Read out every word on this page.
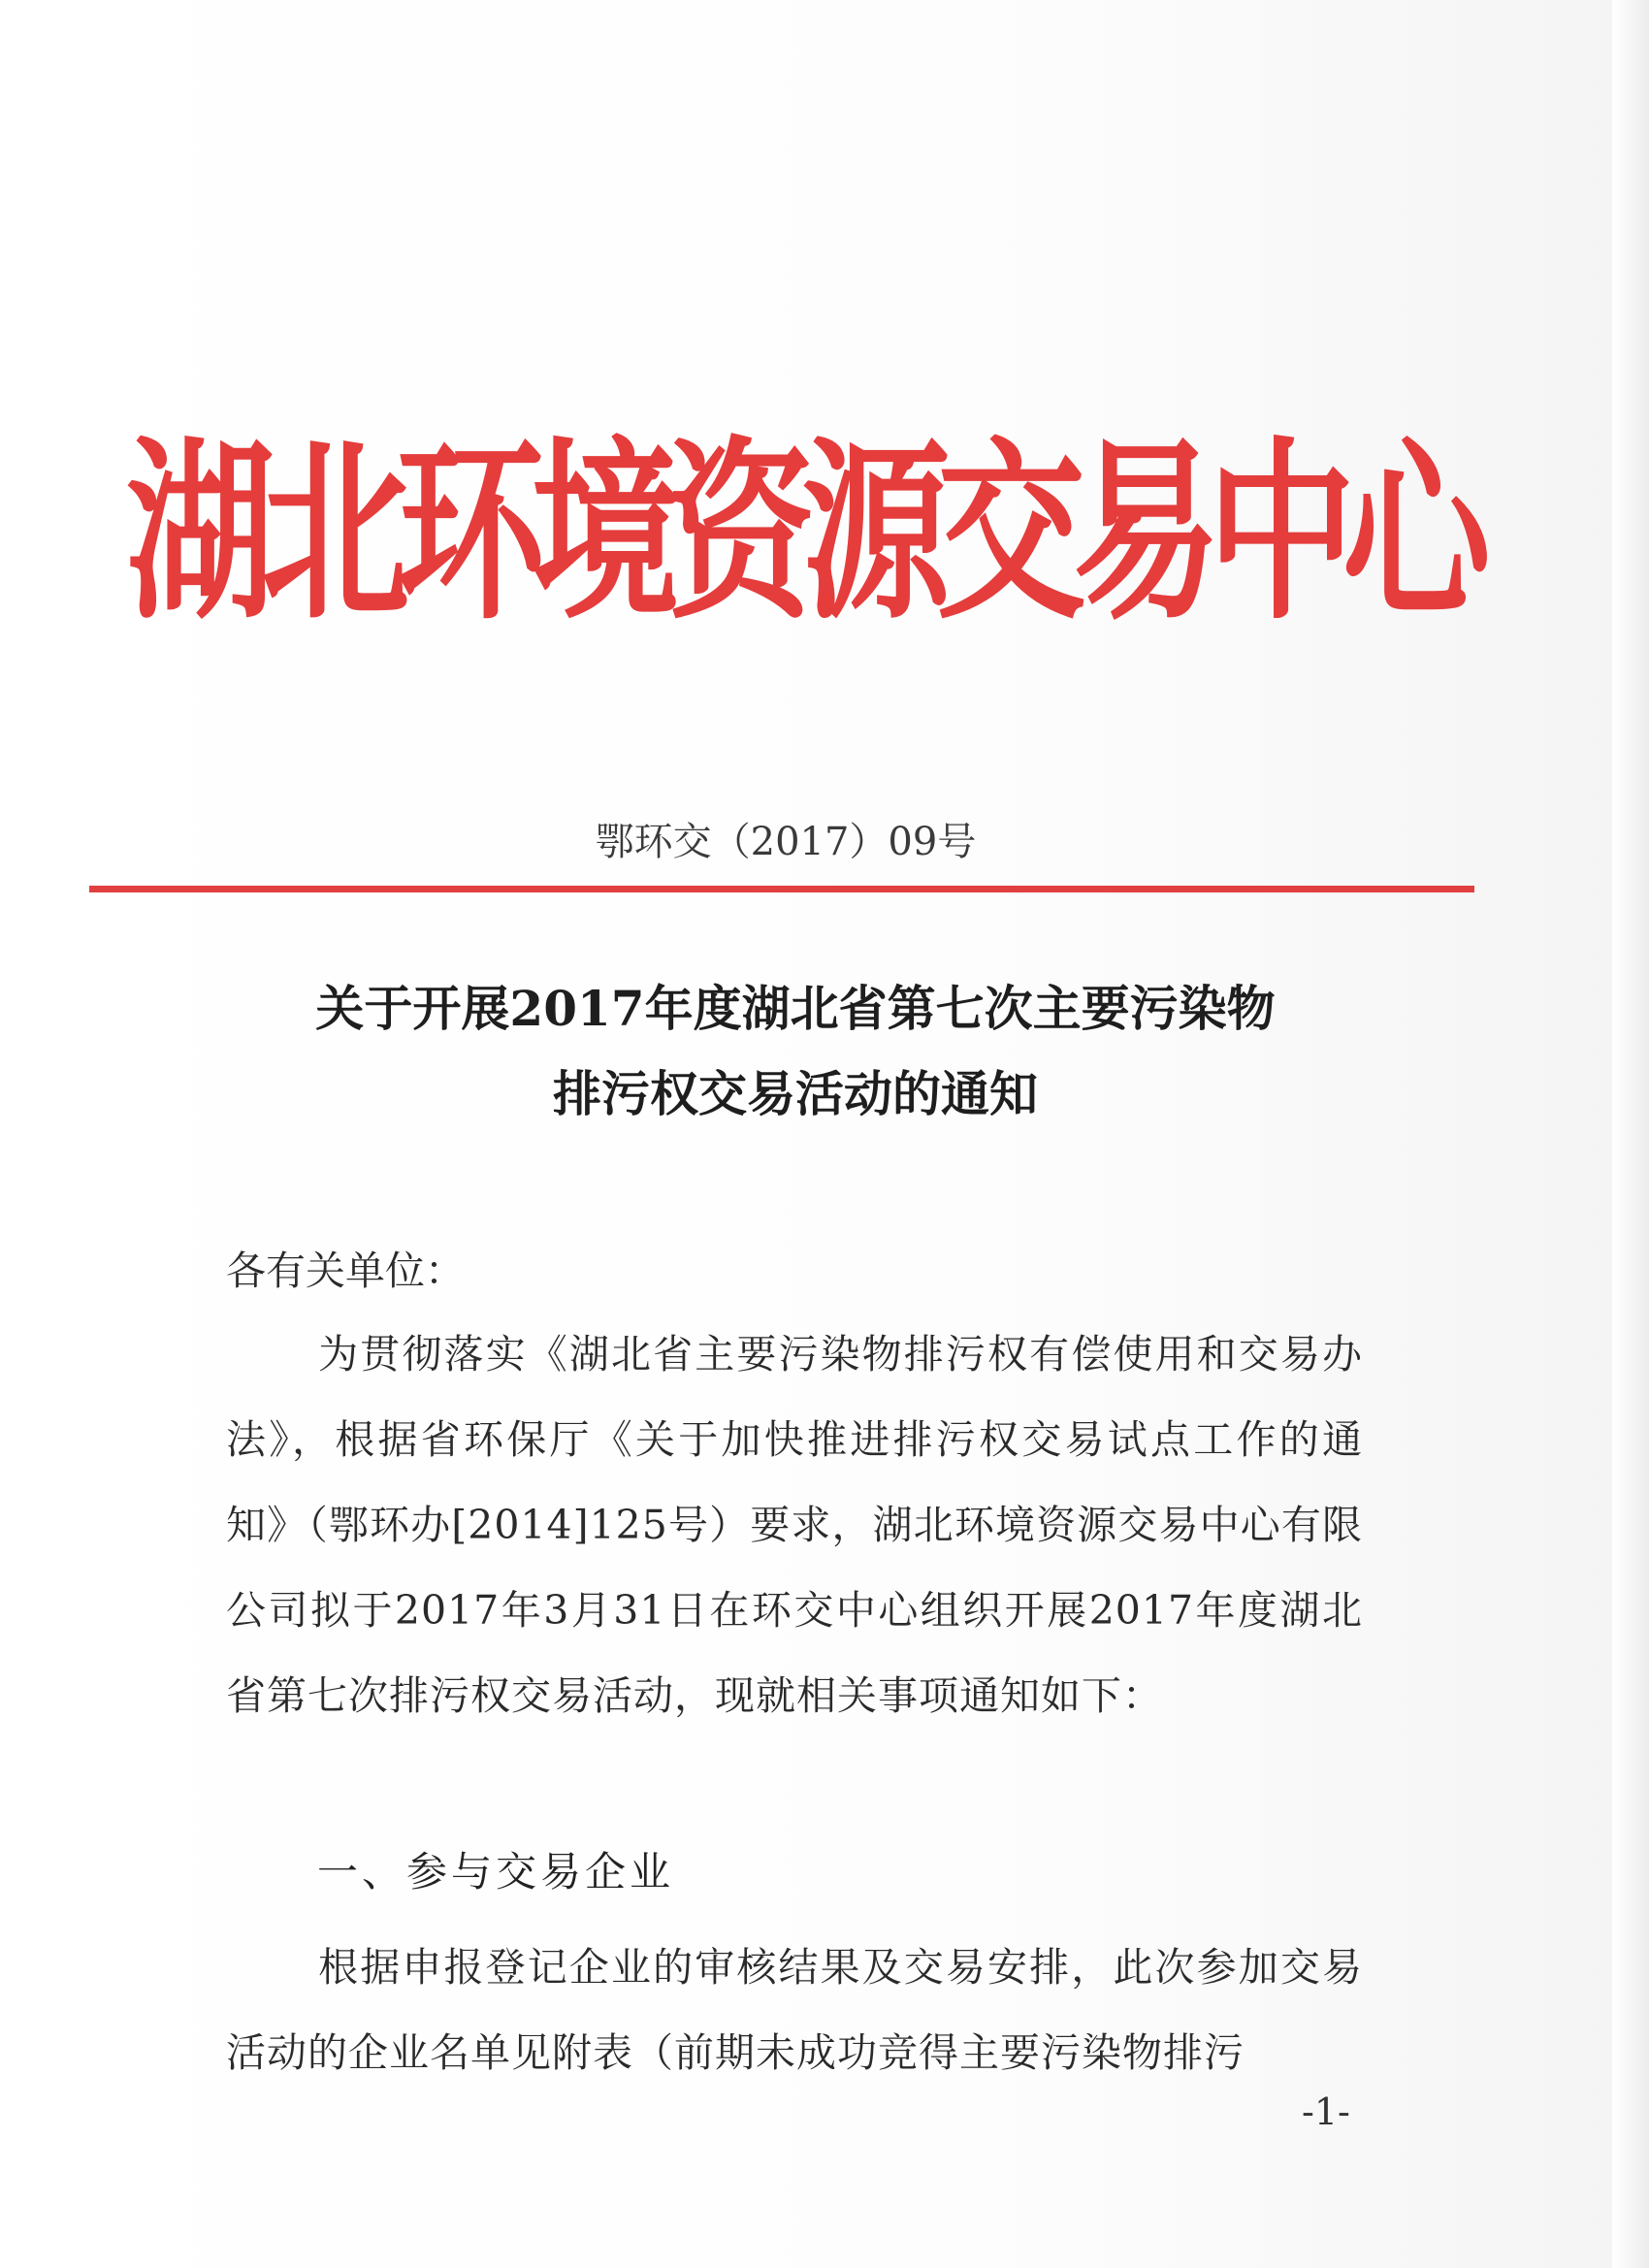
湖北环境资源交易中心
鄂环交（2017）09号
关于开展2017年度湖北省第七次主要污染物
排污权交易活动的通知
各有关单位：
为贯彻落实《湖北省主要污染物排污权有偿使用和交易办法》，根据省环保厅《关于加快推进排污权交易试点工作的通知》（鄂环办[2014]125号）要求，湖北环境资源交易中心有限公司拟于2017年3月31日在环交中心组织开展2017年度湖北省第七次排污权交易活动，现就相关事项通知如下：
一、参与交易企业
根据申报登记企业的审核结果及交易安排，此次参加交易活动的企业名单见附表（前期未成功竞得主要污染物排污
-1-
